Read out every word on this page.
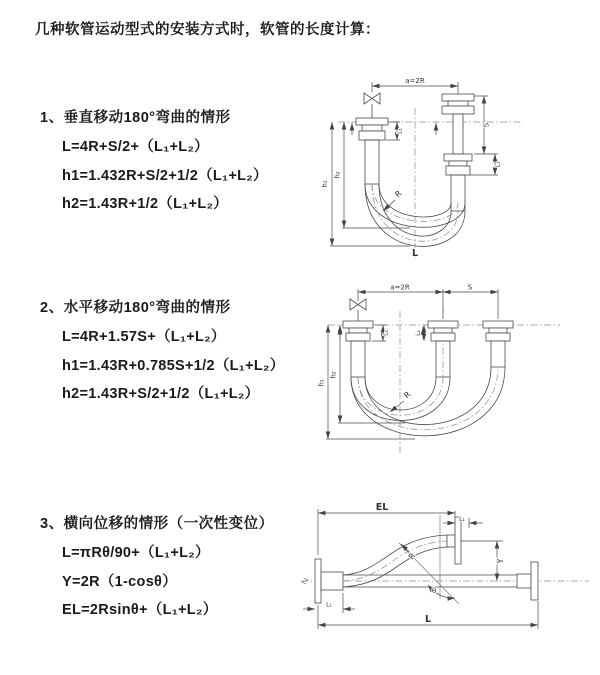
几种软管运动型式的安装方式时，软管的长度计算：
1、垂直移动180°弯曲的情形
L=4R+S/2+（L₁+L₂）
h1=1.432R+S/2+1/2（L₁+L₂）
h2=1.43R+1/2（L₁+L₂）
2、水平移动180°弯曲的情形
L=4R+1.57S+（L₁+L₂）
h1=1.43R+0.785S+1/2（L₁+L₂）
h2=1.43R+S/2+1/2（L₁+L₂）
3、横向位移的情形（一次性变位）
L=πRθ/90+（L₁+L₂）
Y=2R（1-cosθ）
EL=2Rsinθ+（L₁+L₂）
a=2R
L₁
S
L₁
h₁
h₂
R
L
a=2R	S
L₁	L₁
h₁
h₂
R
EL
L₁
Y
θ
R
L₁
L
